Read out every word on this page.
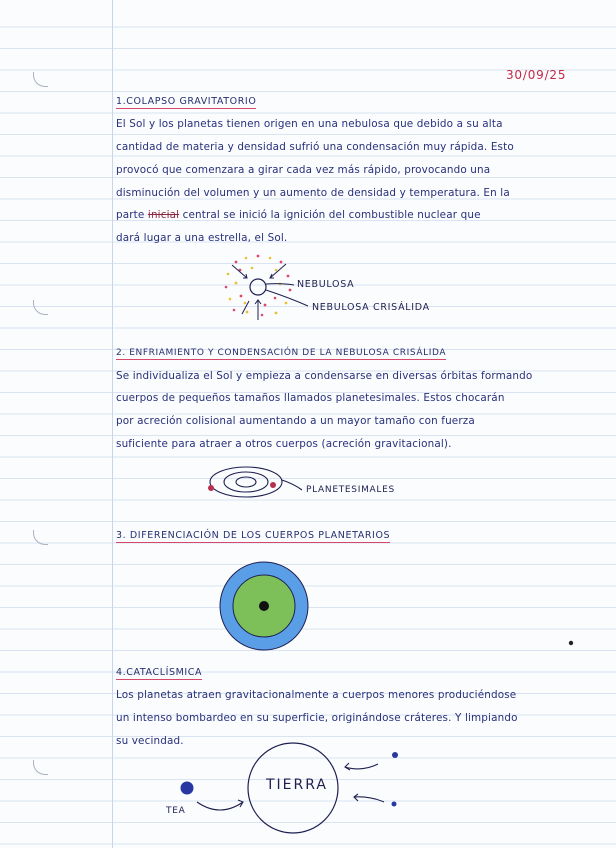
30/09/25
1.COLAPSO GRAVITATORIO
El Sol y los planetas tienen origen en una nebulosa que debido a su alta
cantidad de materia y densidad sufrió una condensación muy rápida. Esto
provocó que comenzara a girar cada vez más rápido, provocando una
disminución del volumen y un aumento de densidad y temperatura. En la
parte inicial central se inició la ignición del combustible nuclear que
dará lugar a una estrella, el Sol.
NEBULOSA
NEBULOSA CRISÁLIDA
2. ENFRIAMIENTO Y CONDENSACIÓN DE LA NEBULOSA CRISÁLIDA
Se individualiza el Sol y empieza a condensarse en diversas órbitas formando
cuerpos de pequeños tamaños llamados planetesimales. Estos chocarán
por acreción colisional aumentando a un mayor tamaño con fuerza
suficiente para atraer a otros cuerpos (acreción gravitacional).
PLANETESIMALES
3. DIFERENCIACIÓN DE LOS CUERPOS PLANETARIOS
4.CATACLÍSMICA
Los planetas atraen gravitacionalmente a cuerpos menores produciéndose
un intenso bombardeo en su superficie, originándose cráteres. Y limpiando
su vecindad.
TIERRA
TEA
